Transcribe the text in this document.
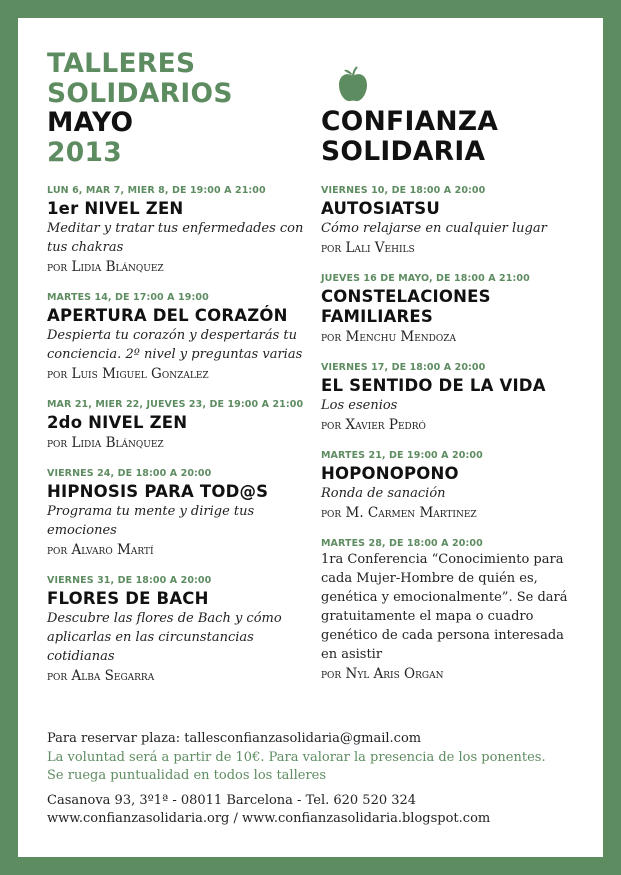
TALLERES
SOLIDARIOS
MAYO
2013
CONFIANZA
SOLIDARIA
LUN 6, MAR 7, MIER 8, DE 19:00 A 21:00
1er NIVEL ZEN
Meditar y tratar tus enfermedades con tus chakras
por Lidia Blánquez
MARTES 14, DE 17:00 A 19:00
APERTURA DEL CORAZÓN
Despierta tu corazón y despertarás tu conciencia. 2º nivel y preguntas varias
por Luis Miguel Gonzalez
MAR 21, MIER 22, JUEVES 23, DE 19:00 A 21:00
2do NIVEL ZEN
por Lidia Blánquez
VIERNES 24, DE 18:00 A 20:00
HIPNOSIS PARA TOD@S
Programa tu mente y dirige tus emociones
por Alvaro Martí
VIERNES 31, DE 18:00 A 20:00
FLORES DE BACH
Descubre las flores de Bach y cómo aplicarlas en las circunstancias cotidianas
por Alba Segarra
VIERNES 10, DE 18:00 A 20:00
AUTOSIATSU
Cómo relajarse en cualquier lugar
por Lali Vehils
JUEVES 16 DE MAYO, DE 18:00 A 21:00
CONSTELACIONES FAMILIARES
por Menchu Mendoza
VIERNES 17, DE 18:00 A 20:00
EL SENTIDO DE LA VIDA
Los esenios
por Xavier Pedró
MARTES 21, DE 19:00 A 20:00
HOPONOPONO
Ronda de sanación
por M. Carmen Martinez
MARTES 28, DE 18:00 A 20:00
1ra Conferencia “Conocimiento para cada Mujer-Hombre de quién es, genética y emocionalmente”. Se dará gratuitamente el mapa o cuadro genético de cada persona interesada en asistir
por Nyl Aris Organ
Para reservar plaza: tallesconfianzasolidaria@gmail.com
La voluntad será a partir de 10€. Para valorar la presencia de los ponentes.
Se ruega puntualidad en todos los talleres
Casanova 93, 3º1ª - 08011 Barcelona - Tel. 620 520 324
www.confianzasolidaria.org / www.confianzasolidaria.blogspot.com
